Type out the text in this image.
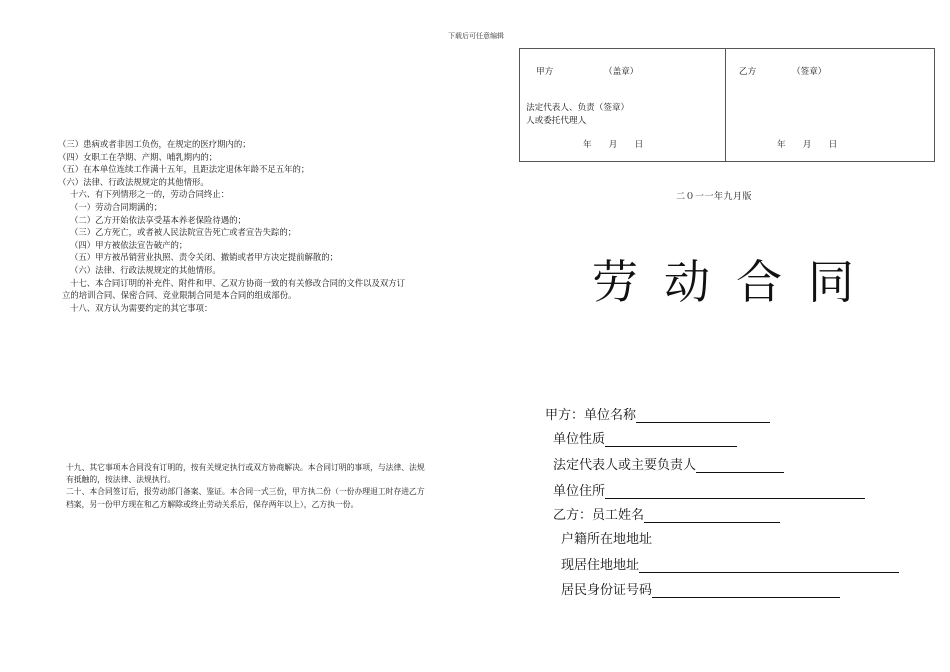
下载后可任意编辑
（三）患病或者非因工负伤，在规定的医疗期内的；
（四）女职工在孕期、产期、哺乳期内的；
（五）在本单位连续工作满十五年，且距法定退休年龄不足五年的；
（六）法律、行政法规规定的其他情形。
十六、有下列情形之一的，劳动合同终止：
（一）劳动合同期满的；
（二）乙方开始依法享受基本养老保险待遇的；
（三）乙方死亡，或者被人民法院宣告死亡或者宣告失踪的；
（四）甲方被依法宣告破产的；
（五）甲方被吊销营业执照、责令关闭、撤销或者甲方决定提前解散的；
（六）法律、行政法规规定的其他情形。
十七、本合同订明的补充件、附件和甲、乙双方协商一致的有关修改合同的文件以及双方订
立的培训合同、保密合同、竞业限制合同是本合同的组成部份。
十八、双方认为需要约定的其它事项：
十九、其它事项本合同没有订明的，按有关规定执行或双方协商解决。本合同订明的事项，与法律、法规
有抵触的，按法律、法规执行。
二十、本合同签订后，报劳动部门备案、鉴证。本合同一式三份，甲方执二份（一份办理退工时存进乙方
档案，另一份甲方现在和乙方解除或终止劳动关系后，保存两年以上），乙方执一份。
甲方	（盖章）
法定代表人、负责（签章）
人或委托代理人
年　　月　　日
乙方	（签章）
年　　月　　日
二０一一年九月版
劳动合同
甲方：单位名称
单位性质
法定代表人或主要负责人
单位住所
乙方：员工姓名
户籍所在地地址
现居住地地址
居民身份证号码
